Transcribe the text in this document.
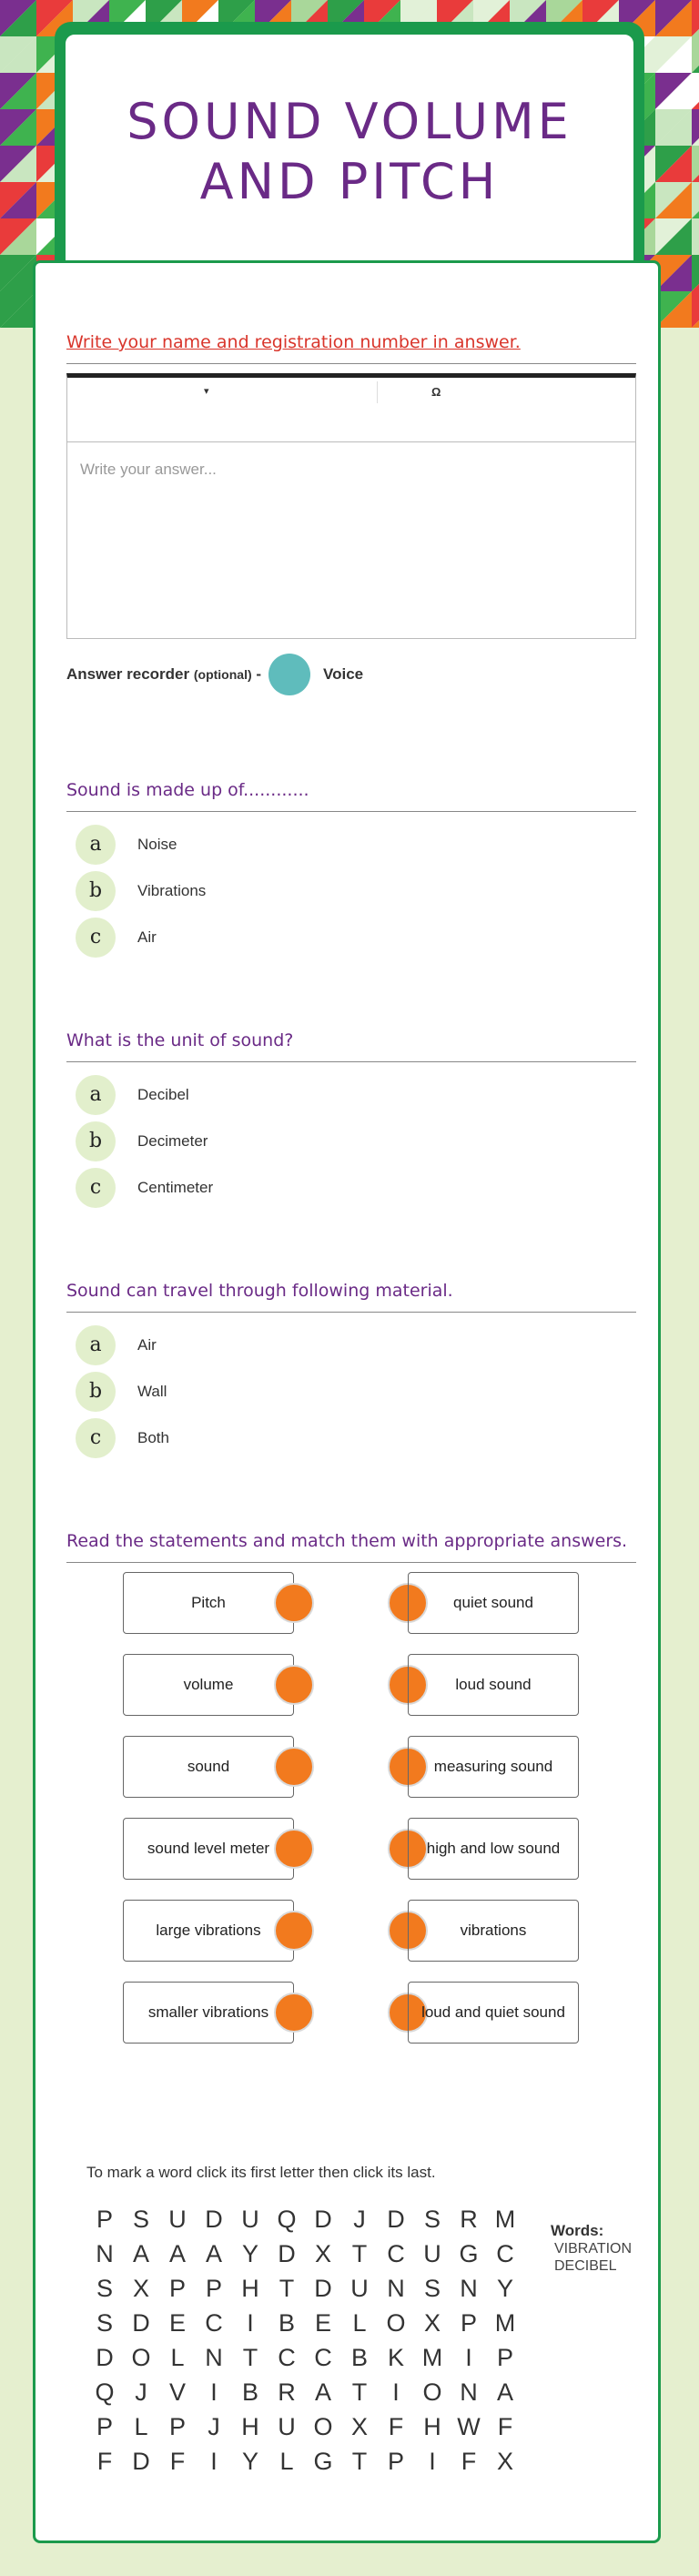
SOUND VOLUME AND PITCH
Write your name and registration number in answer.
▾	Ω
Write your answer...
Answer recorder
(optional)
-	Voice
Sound is made up of............
a	Noise
b	Vibrations
c	Air
What is the unit of sound?
a	Decibel
b	Decimeter
c	Centimeter
Sound can travel through following material.
a	Air
b	Wall
c	Both
Read the statements and match them with appropriate answers.
Pitch	quiet sound
volume	loud sound
sound	measuring sound
sound level meter	high and low sound
large vibrations	vibrations
smaller vibrations	loud and quiet sound
To mark a word click its first letter then click its last.
P S U D U Q D J D S R M
N A A A Y D X T C U G C
S X P P H T D U N S N Y
S D E C I	B E L O X P M
D O L N T C C B K M I	P
Q J V	I	B R A T	I O N A
P L P J H U O X F H W F
F D F	I	Y L G T P	I	F X
Words:
VIBRATION
DECIBEL
